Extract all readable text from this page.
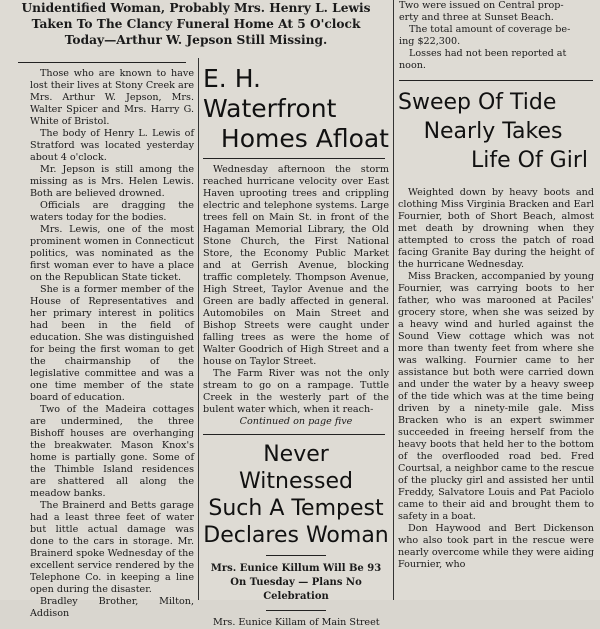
Unidentified Woman, Probably Mrs. Henry L. Lewis
Taken To The Clancy Funeral Home At 5 O'clock
Today—Arthur W. Jepson Still Missing.

Two were issued on Central prop-

erty and three at Sunset Beach.

The total amount of coverage be-

ing $22,300.

Losses had not been reported at

noon.

Those who are known to have lost their lives at Stony Creek are Mrs. Arthur W. Jepson, Mrs. Walter Spicer and Mrs. Harry G. White of Bristol.

The body of Henry L. Lewis of Stratford was located yesterday about 4 o'clock.

Mr. Jepson is still among the missing as is Mrs. Helen Lewis. Both are believed drowned.

Officials are dragging the waters today for the bodies.

Mrs. Lewis, one of the most prominent women in Connecticut politics, was nominated as the first woman ever to have a place on the Republican State ticket.

She is a former member of the House of Representatives and her primary interest in politics had been in the field of education. She was distinguished for being the first woman to get the chairmanship of the legislative committee and was a one time member of the state board of education.

Two of the Madeira cottages are undermined, the three Bishoff houses are overhanging the breakwater. Mason Knox's home is partially gone. Some of the Thimble Island residences are shattered all along the meadow banks.

The Brainerd and Betts garage had a least three feet of water but little actual damage was done to the cars in storage. Mr. Brainerd spoke Wednesday of the excellent service rendered by the Telephone Co. in keeping a line open during the disaster.

Bradley Brother, Milton, Addison

E. H. Waterfront
Homes Afloat

Wednesday afternoon the storm reached hurricane velocity over East Haven uprooting trees and crippling electric and telephone systems. Large trees fell on Main St. in front of the Hagaman Memorial Library, the Old Stone Church, the First National Store, the Economy Public Market and at Gerrish Avenue, blocking traffic completely. Thompson Avenue, High Street, Taylor Avenue and the Green are badly affected in general. Automobiles on Main Street and Bishop Streets were caught under falling trees as were the home of Walter Goodrich of High Street and a house on Taylor Street.

The Farm River was not the only stream to go on a rampage. Tuttle Creek in the westerly part of the bulent water which, when it reach-

Continued on page five

Never Witnessed
Such A Tempest
Declares Woman
Mrs. Eunice Killum Will Be 93
On Tuesday — Plans No
Celebration

Mrs. Eunice Killam of Main Street

Sweep Of Tide
Nearly Takes
Life Of Girl

Weighted down by heavy boots and clothing Miss Virginia Bracken and Earl Fournier, both of Short Beach, almost met death by drowning when they attempted to cross the patch of road facing Granite Bay during the height of the hurricane Wednesday.

Miss Bracken, accompanied by young Fournier, was carrying boots to her father, who was marooned at Paciles' grocery store, when she was seized by a heavy wind and hurled against the Sound View cottage which was not more than twenty feet from where she was walking. Fournier came to her assistance but both were carried down and under the water by a heavy sweep of the tide which was at the time being driven by a ninety-mile gale. Miss Bracken who is an expert swimmer succeeded in freeing herself from the heavy boots that held her to the bottom of the overflooded road bed. Fred Courtsal, a neighbor came to the rescue of the plucky girl and assisted her until Freddy, Salvatore Louis and Pat Paciolo came to their aid and brought them to safety in a boat.

Don Haywood and Bert Dickenson who also took part in the rescue were nearly overcome while they were aiding Fournier, who
